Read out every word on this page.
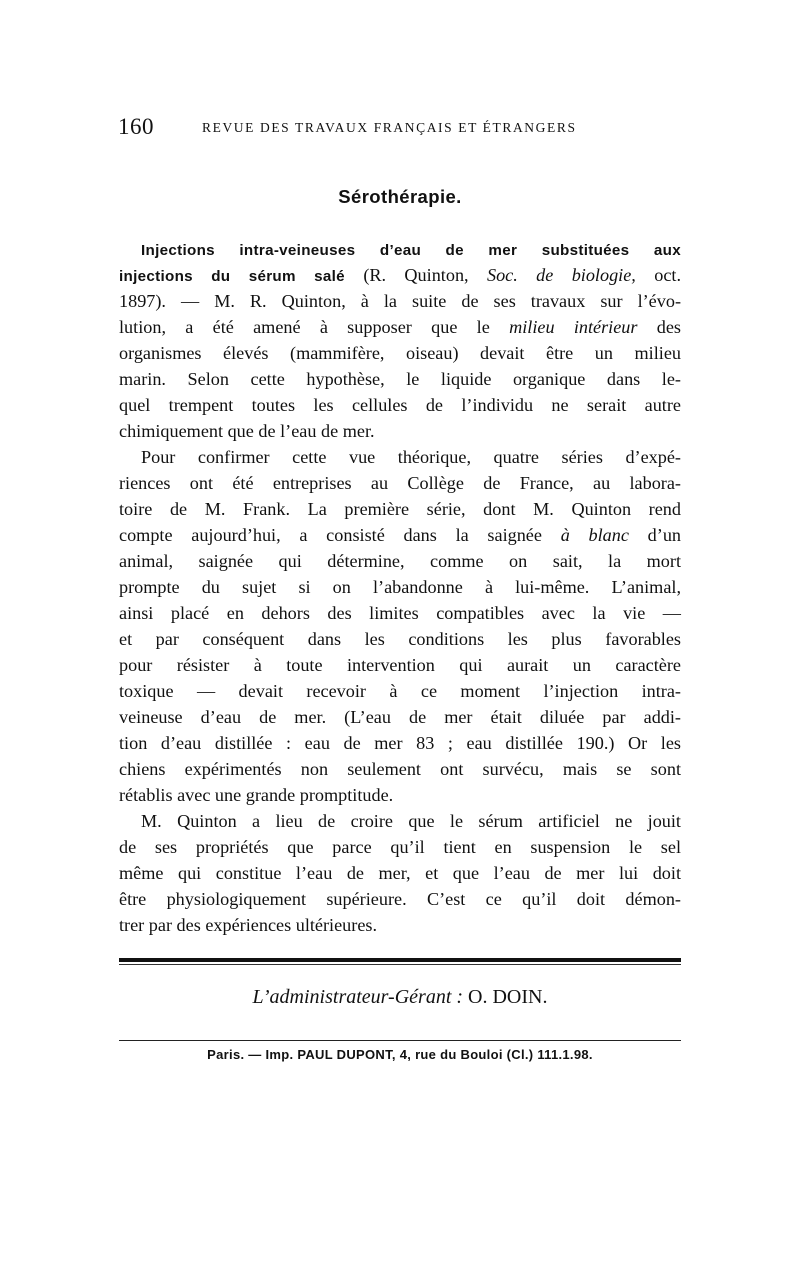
160	REVUE DES TRAVAUX FRANÇAIS ET ÉTRANGERS
Sérothérapie.
Injections intra-veineuses d’eau de mer substituées aux
injections du sérum salé (R. Quinton, Soc. de biologie, oct.
1897). — M. R. Quinton, à la suite de ses travaux sur l’évo-
lution, a été amené à supposer que le milieu intérieur des
organismes élevés (mammifère, oiseau) devait être un milieu
marin. Selon cette hypothèse, le liquide organique dans le-
quel trempent toutes les cellules de l’individu ne serait autre
chimiquement que de l’eau de mer.
Pour confirmer cette vue théorique, quatre séries d’expé-
riences ont été entreprises au Collège de France, au labora-
toire de M. Frank. La première série, dont M. Quinton rend
compte aujourd’hui, a consisté dans la saignée à blanc d’un
animal, saignée qui détermine, comme on sait, la mort
prompte du sujet si on l’abandonne à lui-même. L’animal,
ainsi placé en dehors des limites compatibles avec la vie —
et par conséquent dans les conditions les plus favorables
pour résister à toute intervention qui aurait un caractère
toxique — devait recevoir à ce moment l’injection intra-
veineuse d’eau de mer. (L’eau de mer était diluée par addi-
tion d’eau distillée : eau de mer 83 ; eau distillée 190.) Or les
chiens expérimentés non seulement ont survécu, mais se sont
rétablis avec une grande promptitude.
M. Quinton a lieu de croire que le sérum artificiel ne jouit
de ses propriétés que parce qu’il tient en suspension le sel
même qui constitue l’eau de mer, et que l’eau de mer lui doit
être physiologiquement supérieure. C’est ce qu’il doit démon-
trer par des expériences ultérieures.
L’administrateur-Gérant : O. DOIN.
Paris. — Imp. PAUL DUPONT, 4, rue du Bouloi (Cl.) 111.1.98.
